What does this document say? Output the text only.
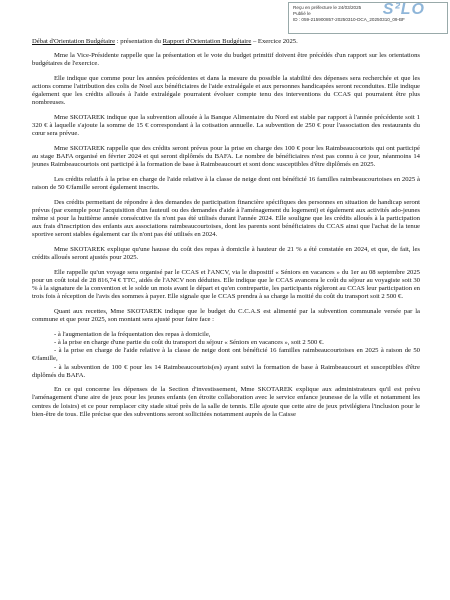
Reçu en préfecture le 24/03/2025
Publié le
ID : 059-215900857-20250310-DCA_20250310_09-BF
S²LO
Débat d'Orientation Budgétaire : présentation du Rapport d'Orientation Budgétaire – Exercice 2025.

Mme la Vice-Présidente rappelle que la présentation et le vote du budget primitif doivent être précédés d'un rapport sur les orientations budgétaires de l'exercice.

Elle indique que comme pour les années précédentes et dans la mesure du possible la stabilité des dépenses sera recherchée et que les actions comme l'attribution des colis de Noel aux bénéficiaires de l'aide extralégale et aux personnes handicapées seront reconduites. Elle indique également que les crédits alloués à l'aide extralégale pourraient évoluer compte tenu des interventions du CCAS qui pourraient être plus nombreuses.

Mme SKOTAREK indique que la subvention allouée à la Banque Alimentaire du Nord est stable par rapport à l'année précédente soit 1 320 € à laquelle s'ajoute la somme de 15 € correspondant à la cotisation annuelle. La subvention de 250 € pour l'association des restaurants du cœur sera prévue.

Mme SKOTAREK rappelle que des crédits seront prévus pour la prise en charge des 100 € pour les Raimbeaucourtois qui ont participé au stage BAFA organisé en février 2024 et qui seront diplômés du BAFA. Le nombre de bénéficiaires n'est pas connu à ce jour, néanmoins 14 jeunes Raimbeaucourtois ont participé à la formation de base à Raimbeaucourt et sont donc susceptibles d'être diplômés en 2025.

Les crédits relatifs à la prise en charge de l'aide relative à la classe de neige dont ont bénéficié 16 familles raimbeaucourtoises en 2025 à raison de 50 €/famille seront également inscrits.

Des crédits permettant de répondre à des demandes de participation financière spécifiques des personnes en situation de handicap seront prévus (par exemple pour l'acquisition d'un fauteuil ou des demandes d'aide à l'aménagement du logement) et également aux activités ado-jeunes même si pour la huitième année consécutive ils n'ont pas été utilisés durant l'année 2024. Elle souligne que les crédits alloués à la participation aux frais d'inscription des enfants aux associations raimbeaucourtoises, dont les parents sont bénéficiaires du CCAS ainsi que l'achat de la tenue sportive seront stables également car ils n'ont pas été utilisés en 2024.

Mme SKOTAREK explique qu'une hausse du coût des repas à domicile à hauteur de 21 % a été constatée en 2024, et que, de fait, les crédits alloués seront ajustés pour 2025.

Elle rappelle qu'un voyage sera organisé par le CCAS et l'ANCV, via le dispositif « Séniors en vacances » du 1er au 08 septembre 2025 pour un coût total de 28 816,74 € TTC, aidés de l'ANCV non déduites. Elle indique que le CCAS avancera le coût du séjour au voyagiste soit 30 % à la signature de la convention et le solde un mois avant le départ et qu'en contrepartie, les participants régleront au CCAS leur participation en trois fois à réception de l'avis des sommes à payer. Elle signale que le CCAS prendra à sa charge la moitié du coût du transport soit 2 500 €.

Quant aux recettes, Mme SKOTAREK indique que le budget du C.C.A.S est alimenté par la subvention communale versée par la commune et que pour 2025, son montant sera ajusté pour faire face :

- à l'augmentation de la fréquentation des repas à domicile,
- à la prise en charge d'une partie du coût du transport du séjour « Séniors en vacances », soit 2 500 €.
- à la prise en charge de l'aide relative à la classe de neige dont ont bénéficié 16 familles raimbeaucourtoises en 2025 à raison de 50 €/famille,
- à la subvention de 100 € pour les 14 Raimbeaucourtois(es) ayant suivi la formation de base à Raimbeaucourt et susceptibles d'être diplômés du BAFA.

En ce qui concerne les dépenses de la Section d'investissement, Mme SKOTAREK explique aux administrateurs qu'il est prévu l'aménagement d'une aire de jeux pour les jeunes enfants (en étroite collaboration avec le service enfance jeunesse de la ville et notamment les centres de loisirs) et ce pour remplacer city stade situé près de la salle de tennis. Elle ajoute que cette aire de jeux privilégiera l'inclusion pour le bien-être de tous. Elle précise que des subventions seront sollicitées notamment auprès de la Caisse
